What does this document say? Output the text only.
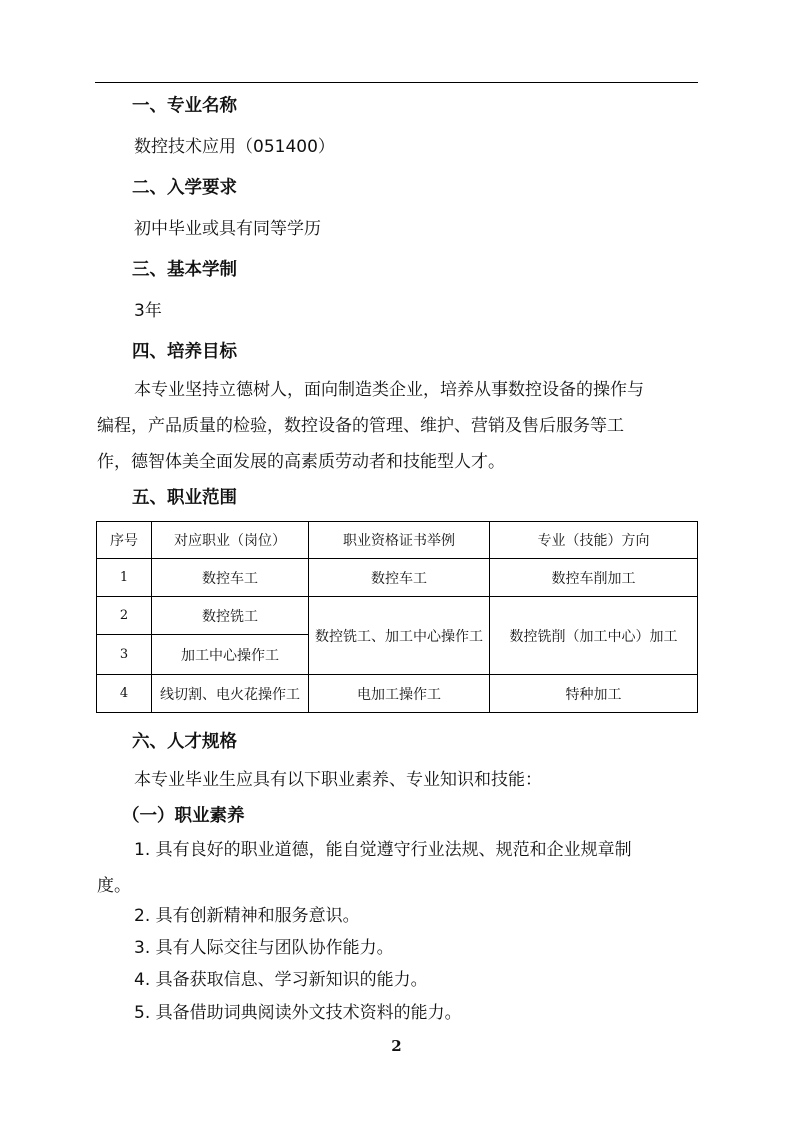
一、专业名称
数控技术应用（051400）
二、入学要求
初中毕业或具有同等学历
三、基本学制
3年
四、培养目标
本专业坚持立德树人，面向制造类企业，培养从事数控设备的操作与
编程，产品质量的检验，数控设备的管理、维护、营销及售后服务等工
作，德智体美全面发展的高素质劳动者和技能型人才。
五、职业范围
序号	对应职业（岗位）	职业资格证书举例	专业（技能）方向
1	数控车工	数控车工	数控车削加工
2	数控铣工	数控铣工、加工中心操作工	数控铣削（加工中心）加工
3	加工中心操作工		
4	线切割、电火花操作工	电加工操作工	特种加工
六、人才规格
本专业毕业生应具有以下职业素养、专业知识和技能：
（一）职业素养
1. 具有良好的职业道德，能自觉遵守行业法规、规范和企业规章制
度。
2. 具有创新精神和服务意识。
3. 具有人际交往与团队协作能力。
4. 具备获取信息、学习新知识的能力。
5. 具备借助词典阅读外文技术资料的能力。
2
